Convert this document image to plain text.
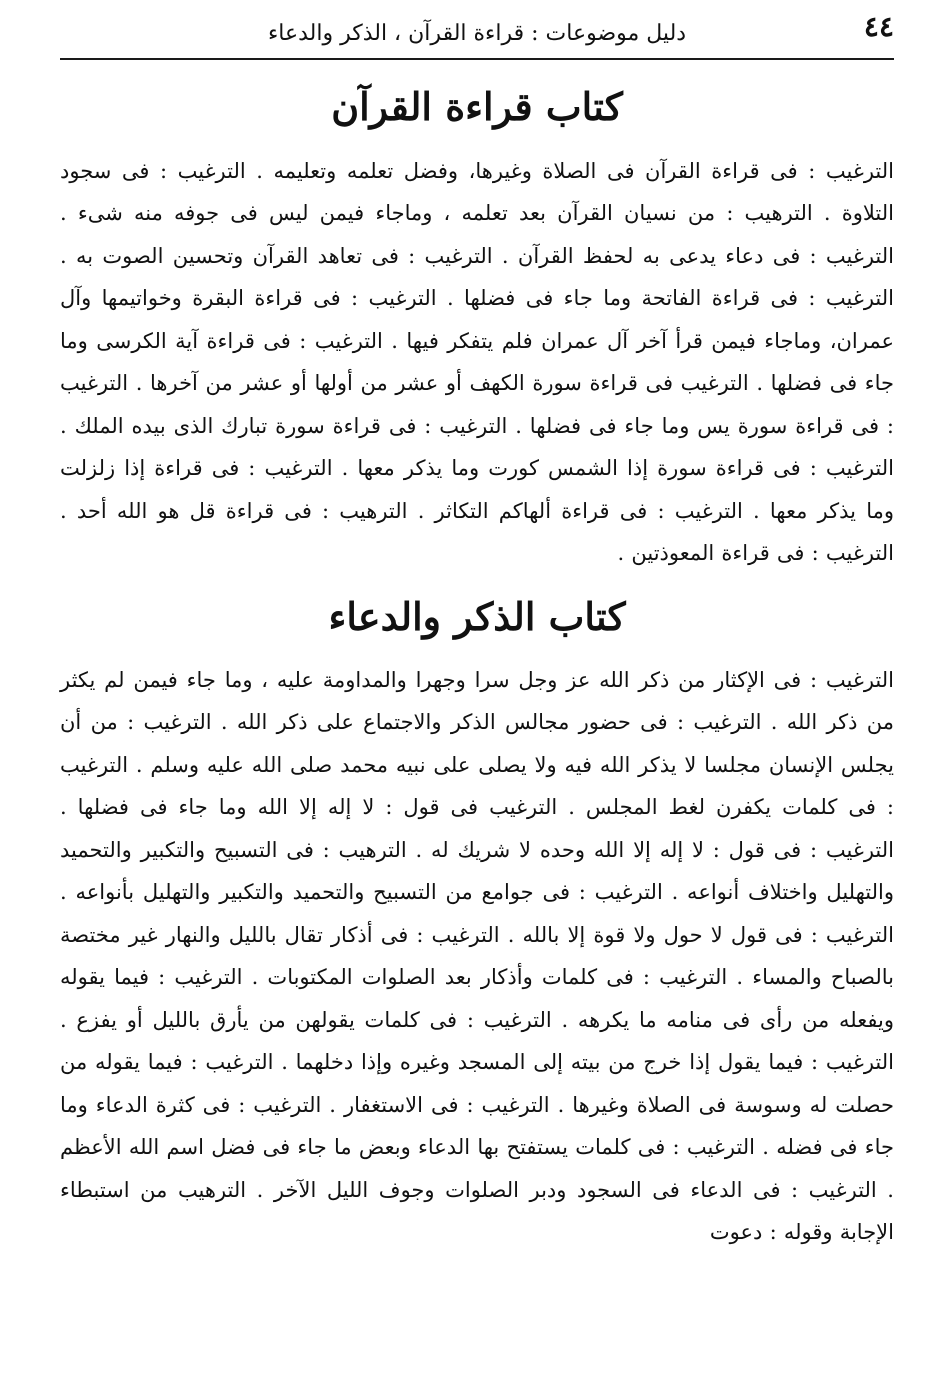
٤٤
دليل موضوعات : قراءة القرآن ، الذكر والدعاء
كتاب قراءة القرآن

الترغيب : فى قراءة القرآن فى الصلاة وغيرها، وفضل تعلمه وتعليمه . الترغيب : فى سجود التلاوة . الترهيب : من نسيان القرآن بعد تعلمه ، وماجاء فيمن ليس فى جوفه منه شىء . الترغيب : فى دعاء يدعى به لحفظ القرآن . الترغيب : فى تعاهد القرآن وتحسين الصوت به . الترغيب : فى قراءة الفاتحة وما جاء فى فضلها . الترغيب : فى قراءة البقرة وخواتيمها وآل عمران، وماجاء فيمن قرأ آخر آل عمران فلم يتفكر فيها . الترغيب : فى قراءة آية الكرسى وما جاء فى فضلها . الترغيب فى قراءة سورة الكهف أو عشر من أولها أو عشر من آخرها . الترغيب : فى قراءة سورة يس وما جاء فى فضلها . الترغيب : فى قراءة سورة تبارك الذى بيده الملك . الترغيب : فى قراءة سورة إذا الشمس كورت وما يذكر معها . الترغيب : فى قراءة إذا زلزلت وما يذكر معها . الترغيب : فى قراءة ألهاكم التكاثر . الترهيب : فى قراءة قل هو الله أحد . الترغيب : فى قراءة المعوذتين .

كتاب الذكر والدعاء

الترغيب : فى الإكثار من ذكر الله عز وجل سرا وجهرا والمداومة عليه ، وما جاء فيمن لم يكثر من ذكر الله . الترغيب : فى حضور مجالس الذكر والاجتماع على ذكر الله . الترغيب : من أن يجلس الإنسان مجلسا لا يذكر الله فيه ولا يصلى على نبيه محمد صلى الله عليه وسلم . الترغيب : فى كلمات يكفرن لغط المجلس . الترغيب فى قول : لا إله إلا الله وما جاء فى فضلها . الترغيب : فى قول : لا إله إلا الله وحده لا شريك له . الترهيب : فى التسبيح والتكبير والتحميد والتهليل واختلاف أنواعه . الترغيب : فى جوامع من التسبيح والتحميد والتكبير والتهليل بأنواعه . الترغيب : فى قول لا حول ولا قوة إلا بالله . الترغيب : فى أذكار تقال بالليل والنهار غير مختصة بالصباح والمساء . الترغيب : فى كلمات وأذكار بعد الصلوات المكتوبات . الترغيب : فيما يقوله ويفعله من رأى فى منامه ما يكرهه . الترغيب : فى كلمات يقولهن من يأرق بالليل أو يفزع . الترغيب : فيما يقول إذا خرج من بيته إلى المسجد وغيره وإذا دخلهما . الترغيب : فيما يقوله من حصلت له وسوسة فى الصلاة وغيرها . الترغيب : فى الاستغفار . الترغيب : فى كثرة الدعاء وما جاء فى فضله . الترغيب : فى كلمات يستفتح بها الدعاء وبعض ما جاء فى فضل اسم الله الأعظم . الترغيب : فى الدعاء فى السجود ودبر الصلوات وجوف الليل الآخر . الترهيب من استبطاء الإجابة وقوله : دعوت
